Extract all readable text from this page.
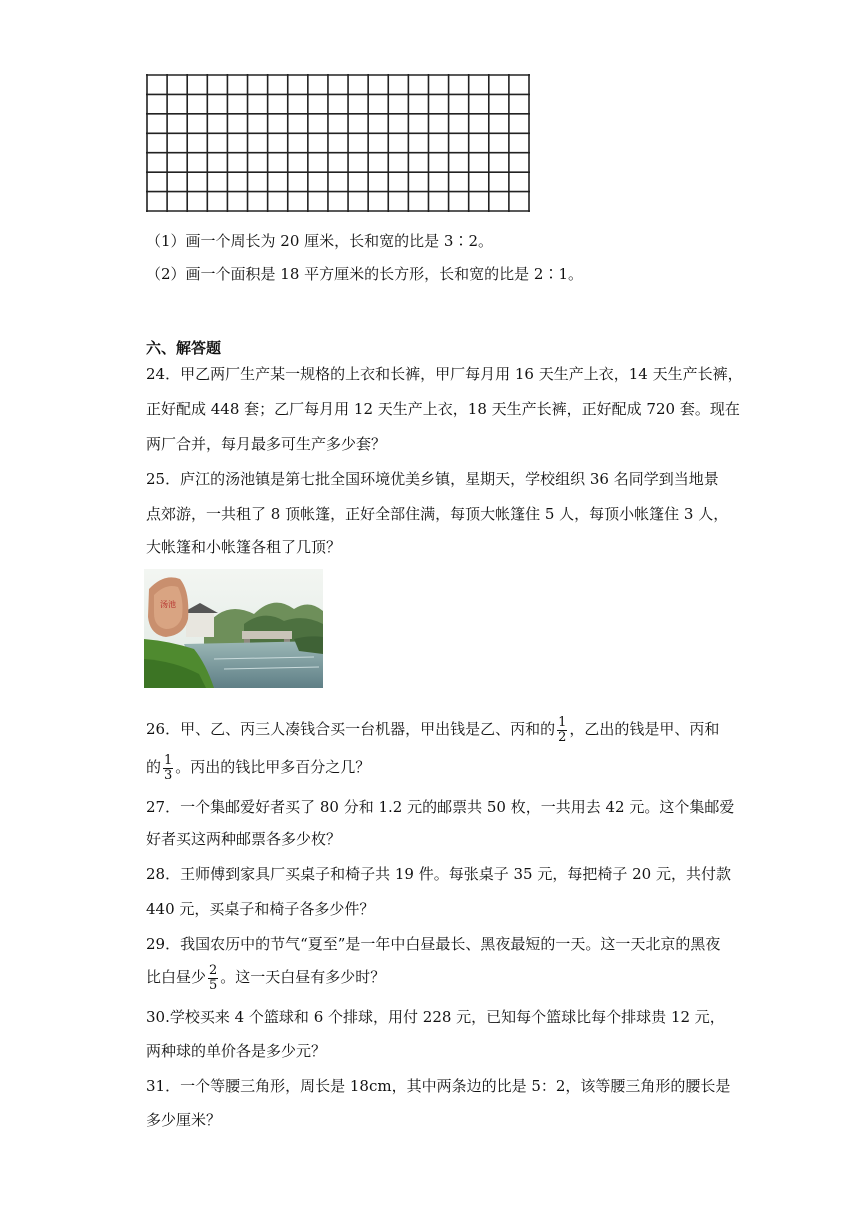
（1）画一个周长为 20 厘米，长和宽的比是 3∶2。
（2）画一个面积是 18 平方厘米的长方形，长和宽的比是 2∶1。
六、解答题
24．甲乙两厂生产某一规格的上衣和长裤，甲厂每月用 16 天生产上衣，14 天生产长裤，
正好配成 448 套；乙厂每月用 12 天生产上衣，18 天生产长裤，正好配成 720 套。现在
两厂合并，每月最多可生产多少套？
25．庐江的汤池镇是第七批全国环境优美乡镇，星期天，学校组织 36 名同学到当地景
点郊游，一共租了 8 顶帐篷，正好全部住满，每顶大帐篷住 5 人，每顶小帐篷住 3 人，
大帐篷和小帐篷各租了几顶？
汤池
26．甲、乙、丙三人凑钱合买一台机器，甲出钱是乙、丙和的 $\frac{1}{2}$ ，乙出的钱是甲、丙和
的 $\frac{1}{3}$ 。丙出的钱比甲多百分之几？
27．一个集邮爱好者买了 80 分和 1.2 元的邮票共 50 枚，一共用去 42 元。这个集邮爱
好者买这两种邮票各多少枚？
28．王师傅到家具厂买桌子和椅子共 19 件。每张桌子 35 元，每把椅子 20 元，共付款
440 元，买桌子和椅子各多少件？
29．我国农历中的节气“夏至”是一年中白昼最长、黑夜最短的一天。这一天北京的黑夜
比白昼少 $\frac{2}{5}$ 。这一天白昼有多少时？
30.学校买来 4 个篮球和 6 个排球，用付 228 元，已知每个篮球比每个排球贵 12 元，
两种球的单价各是多少元？
31．一个等腰三角形，周长是 18cm，其中两条边的比是 5：2，该等腰三角形的腰长是
多少厘米？
